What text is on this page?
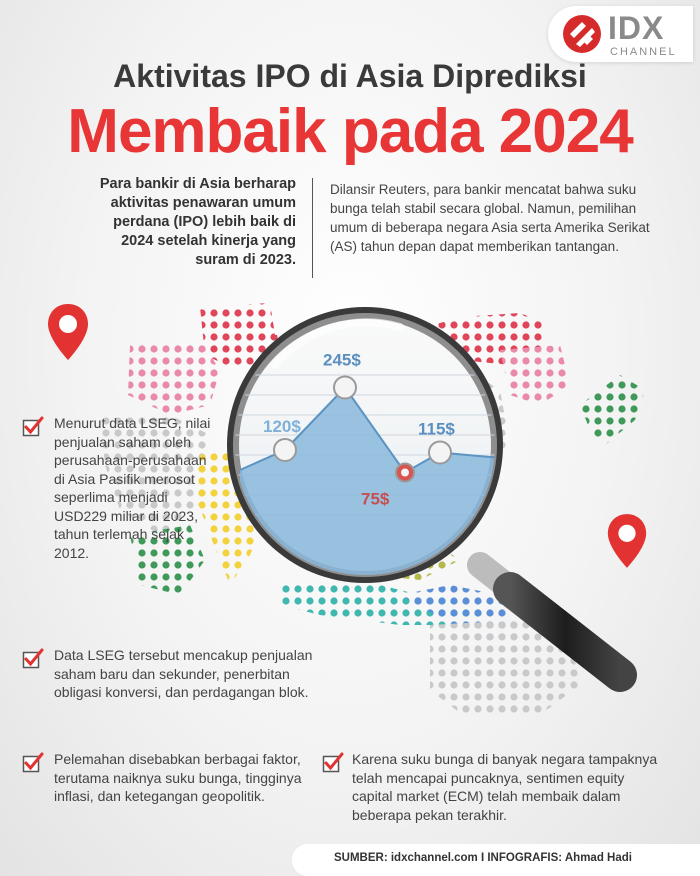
IDX
CHANNEL
Aktivitas IPO di Asia Diprediksi
Membaik pada 2024
Para bankir di Asia berharap aktivitas penawaran umum perdana (IPO) lebih baik di 2024 setelah kinerja yang suram di 2023.
Dilansir Reuters, para bankir mencatat bahwa suku bunga telah stabil secara global. Namun, pemilihan umum di beberapa negara Asia serta Amerika Serikat (AS) tahun depan dapat memberikan tantangan.
120$
245$
75$
115$
Menurut data LSEG, nilai penjualan saham oleh perusahaan-perusahaan di Asia Pasifik merosot seperlima menjadi USD229 miliar di 2023, tahun terlemah sejak 2012.
Data LSEG tersebut mencakup penjualan saham baru dan sekunder, penerbitan obligasi konversi, dan perdagangan blok.
Pelemahan disebabkan berbagai faktor, terutama naiknya suku bunga, tingginya inflasi, dan ketegangan geopolitik.
Karena suku bunga di banyak negara tampaknya telah mencapai puncaknya, sentimen equity capital market (ECM) telah membaik dalam beberapa pekan terakhir.
SUMBER: idxchannel.com I INFOGRAFIS: Ahmad Hadi
